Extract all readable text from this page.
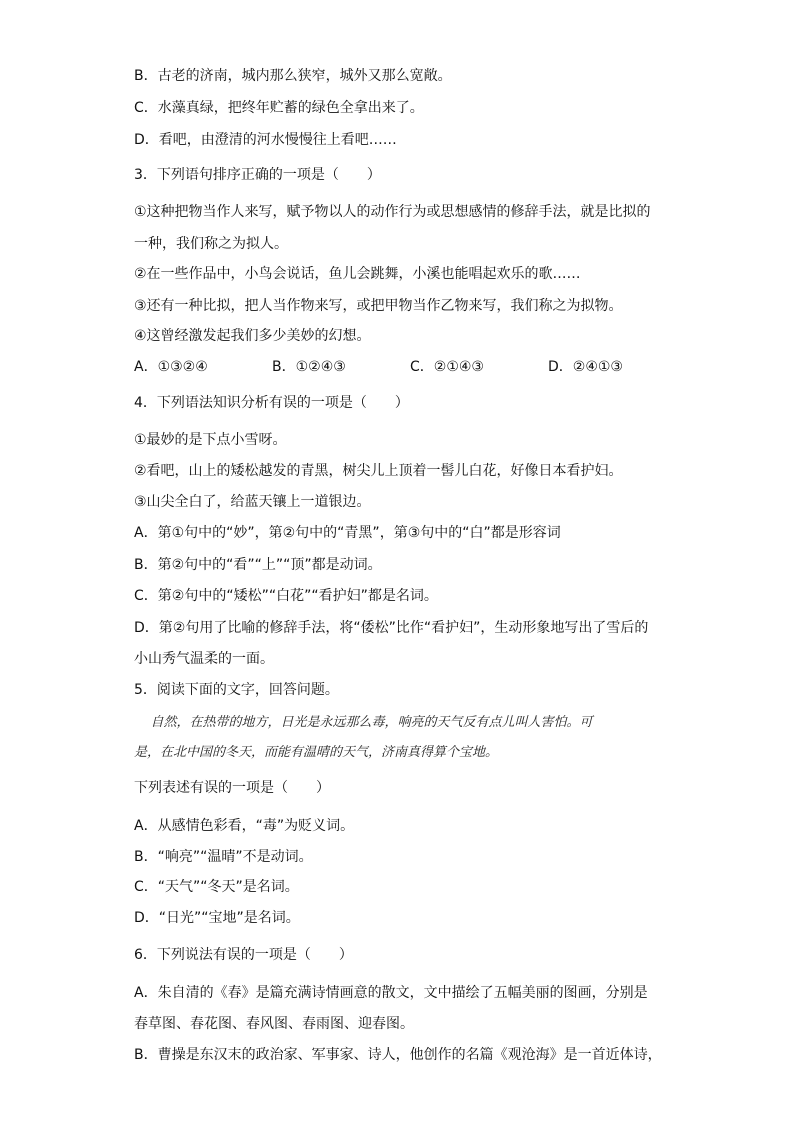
B．古老的济南，城内那么狭窄，城外又那么宽敞。
C．水藻真绿，把终年贮蓄的绿色全拿出来了。
D．看吧，由澄清的河水慢慢往上看吧……
3．下列语句排序正确的一项是（　　）
①这种把物当作人来写，赋予物以人的动作行为或思想感情的修辞手法，就是比拟的
一种，我们称之为拟人。
②在一些作品中，小鸟会说话，鱼儿会跳舞，小溪也能唱起欢乐的歌……
③还有一种比拟，把人当作物来写，或把甲物当作乙物来写，我们称之为拟物。
④这曾经激发起我们多少美妙的幻想。
A．①③②④	B．①②④③	C．②①④③	D．②④①③
4．下列语法知识分析有误的一项是（　　）
①最妙的是下点小雪呀。
②看吧，山上的矮松越发的青黑，树尖儿上顶着一髻儿白花，好像日本看护妇。
③山尖全白了，给蓝天镶上一道银边。
A．第①句中的“妙”，第②句中的“青黑”，第③句中的“白”都是形容词
B．第②句中的“看”“上”“顶”都是动词。
C．第②句中的“矮松”“白花”“看护妇”都是名词。
D．第②句用了比喻的修辞手法，将“倭松”比作“看护妇”，生动形象地写出了雪后的
小山秀气温柔的一面。
5．阅读下面的文字，回答问题。
自然，在热带的地方，日光是永远那么毒，响亮的天气反有点儿叫人害怕。可
是，在北中国的冬天，而能有温晴的天气，济南真得算个宝地。
下列表述有误的一项是（　　）
A．从感情色彩看，“毒”为贬义词。
B．“响亮”“温晴”不是动词。
C．“天气”“冬天”是名词。
D．“日光”“宝地”是名词。
6．下列说法有误的一项是（　　）
A．朱自清的《春》是篇充满诗情画意的散文，文中描绘了五幅美丽的图画，分别是
春草图、春花图、春风图、春雨图、迎春图。
B．曹操是东汉末的政治家、军事家、诗人，他创作的名篇《观沧海》是一首近体诗，
